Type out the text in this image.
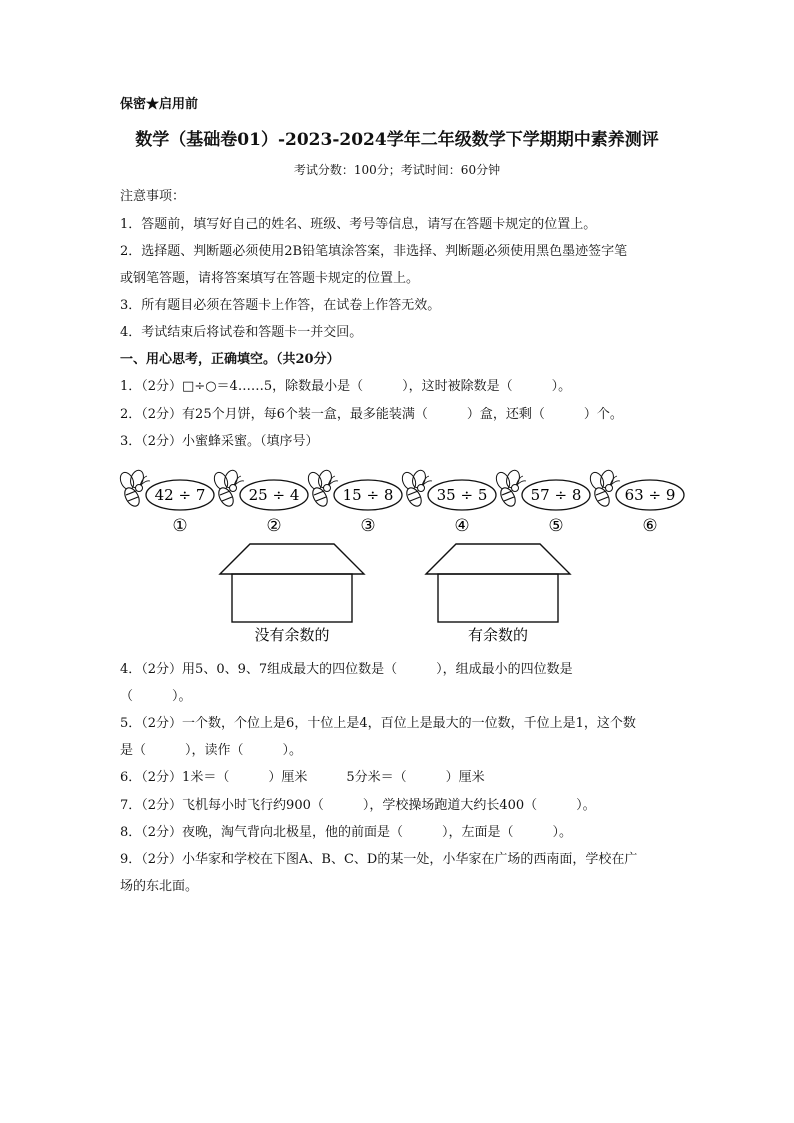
保密★启用前
数学（基础卷01）-2023-2024学年二年级数学下学期期中素养测评
考试分数：100分；考试时间：60分钟
注意事项：
1．答题前，填写好自己的姓名、班级、考号等信息，请写在答题卡规定的位置上。
2．选择题、判断题必须使用2B铅笔填涂答案，非选择、判断题必须使用黑色墨迹签字笔
或钢笔答题，请将答案填写在答题卡规定的位置上。
3．所有题目必须在答题卡上作答，在试卷上作答无效。
4．考试结束后将试卷和答题卡一并交回。
一、用心思考，正确填空。（共20分）
1．（2分）□÷○＝4……5，除数最小是（　　　），这时被除数是（　　　）。
2．（2分）有25个月饼，每6个装一盒，最多能装满（　　　）盒，还剩（　　　）个。
3．（2分）小蜜蜂采蜜。（填序号）
42 ÷ 7
①
25 ÷ 4
②
15 ÷ 8
③
35 ÷ 5
④
57 ÷ 8
⑤
63 ÷ 9
⑥
没有余数的	有余数的
4．（2分）用5、0、9、7组成最大的四位数是（　　　），组成最小的四位数是
（　　　）。
5．（2分）一个数，个位上是6，十位上是4，百位上是最大的一位数，千位上是1，这个数
是（　　　），读作（　　　）。
6．（2分）1米＝（　　　）厘米　　　5分米＝（　　　）厘米
7．（2分）飞机每小时飞行约900（　　　），学校操场跑道大约长400（　　　）。
8．（2分）夜晚，淘气背向北极星，他的前面是（　　　），左面是（　　　）。
9．（2分）小华家和学校在下图A、B、C、D的某一处，小华家在广场的西南面，学校在广
场的东北面。
